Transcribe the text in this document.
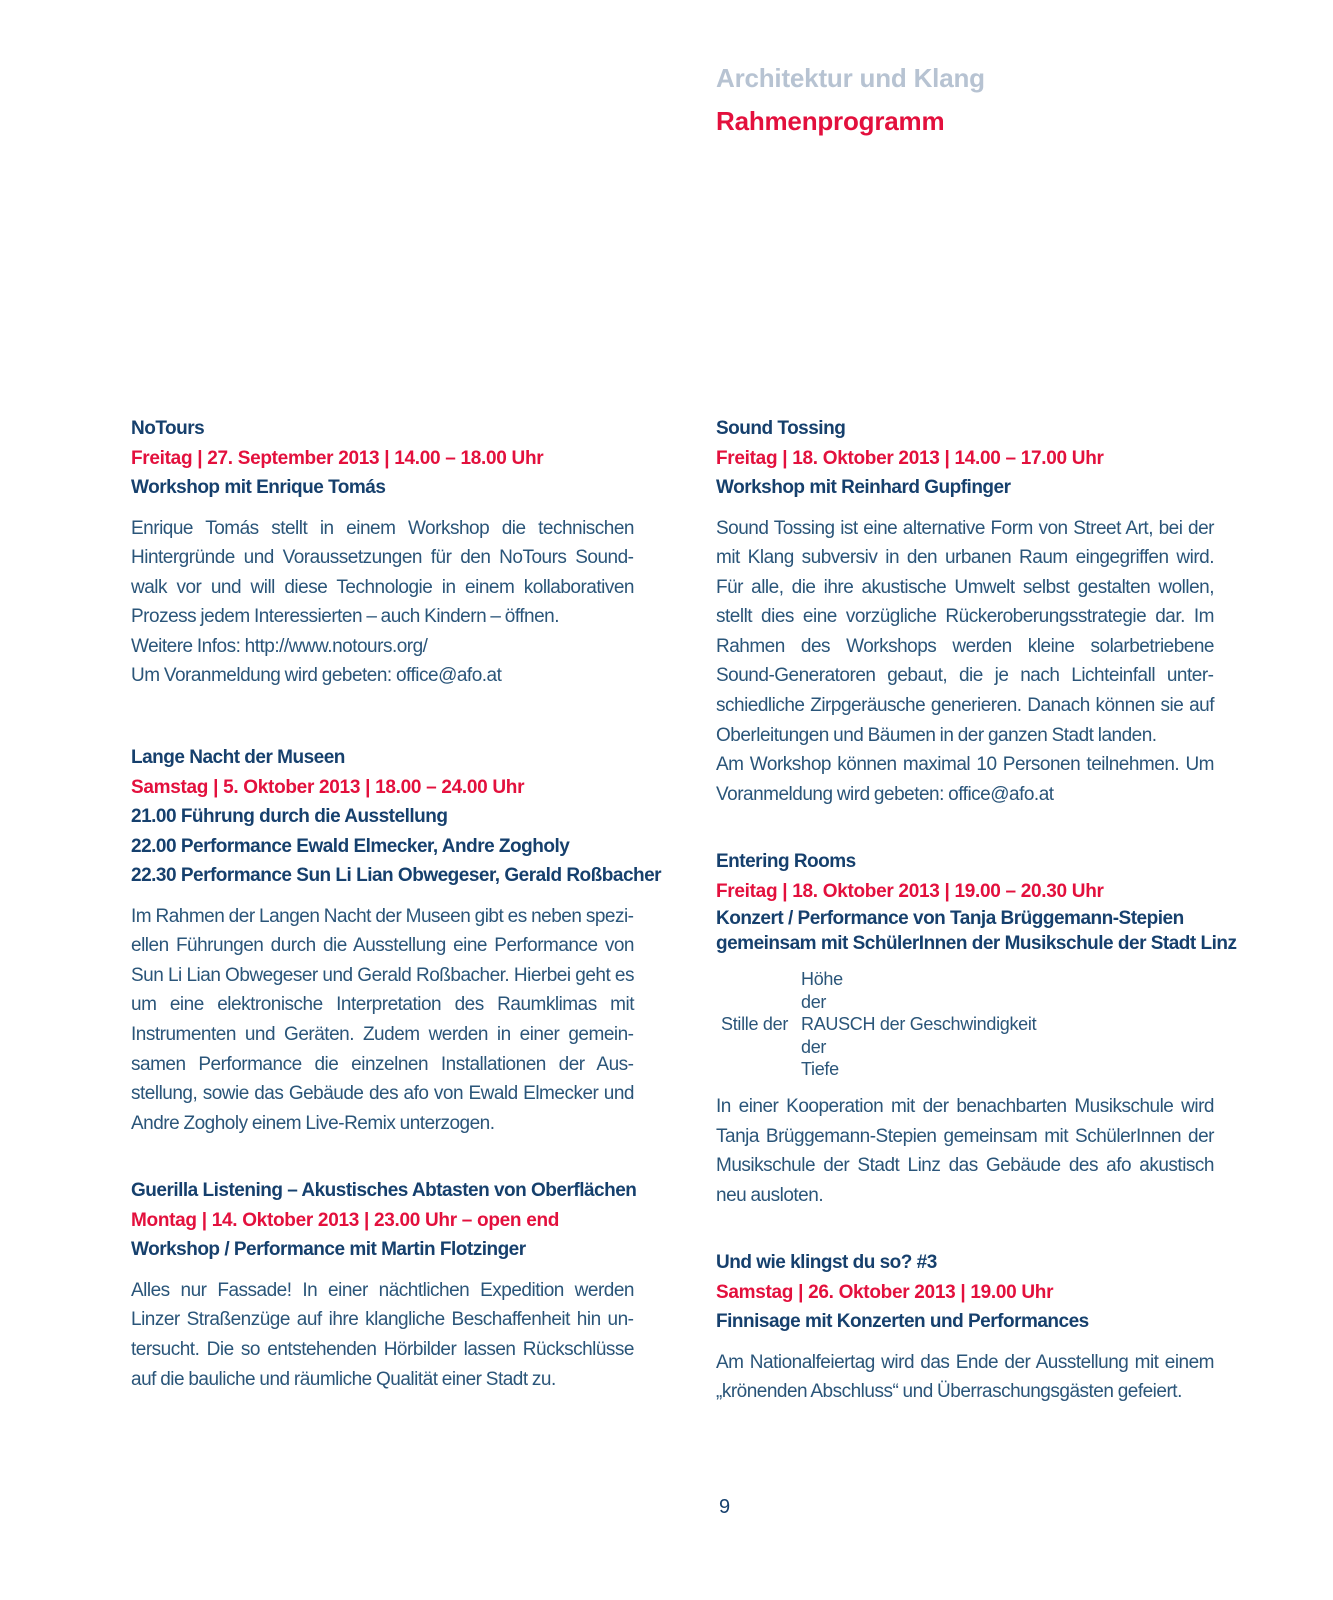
Architektur und Klang
Rahmenprogramm
NoTours
Freitag | 27. September 2013 | 14.00 – 18.00 Uhr
Workshop mit Enrique Tomás

Enrique Tomás stellt in einem Workshop die technischen Hintergründe und Voraussetzungen für den NoTours Soundwalk vor und will diese Technologie in einem kollaborativen Prozess jedem Interessierten – auch Kindern – öffnen.

Weitere Infos: http://www.notours.org/

Um Voranmeldung wird gebeten: office@afo.at

Lange Nacht der Museen
Samstag | 5. Oktober 2013 | 18.00 – 24.00 Uhr
21.00 Führung durch die Ausstellung
22.00 Performance Ewald Elmecker, Andre Zogholy
22.30 Performance Sun Li Lian Obwegeser, Gerald Roßbacher

Im Rahmen der Langen Nacht der Museen gibt es neben speziellen Führungen durch die Ausstellung eine Performance von Sun Li Lian Obwegeser und Gerald Roßbacher. Hierbei geht es um eine elektronische Interpretation des Raumklimas mit Instrumenten und Geräten. Zudem werden in einer gemeinsamen Performance die einzelnen Installationen der Ausstellung, sowie das Gebäude des afo von Ewald Elmecker und Andre Zogholy einem Live-Remix unterzogen.

Guerilla Listening – Akustisches Abtasten von Oberflächen
Montag | 14. Oktober 2013 | 23.00 Uhr – open end
Workshop / Performance mit Martin Flotzinger

Alles nur Fassade! In einer nächtlichen Expedition werden Linzer Straßenzüge auf ihre klangliche Beschaffenheit hin untersucht. Die so entstehenden Hörbilder lassen Rückschlüsse auf die bauliche und räumliche Qualität einer Stadt zu.

Sound Tossing
Freitag | 18. Oktober 2013 | 14.00 – 17.00 Uhr
Workshop mit Reinhard Gupfinger

Sound Tossing ist eine alternative Form von Street Art, bei der mit Klang subversiv in den urbanen Raum eingegriffen wird. Für alle, die ihre akustische Umwelt selbst gestalten wollen, stellt dies eine vorzügliche Rückeroberungsstrategie dar. Im Rahmen des Workshops werden kleine solarbetriebene Sound-Generatoren gebaut, die je nach Lichteinfall unterschiedliche Zirpgeräusche generieren. Danach können sie auf Oberleitungen und Bäumen in der ganzen Stadt landen.

Am Workshop können maximal 10 Personen teilnehmen. Um Voranmeldung wird gebeten: office@afo.at

Entering Rooms
Freitag | 18. Oktober 2013 | 19.00 – 20.30 Uhr
Konzert / Performance von Tanja Brüggemann-Stepien
gemeinsam mit SchülerInnen der Musikschule der Stadt Linz
Höhe
der
Stille der RAUSCH der Geschwindigkeit
der
Tiefe

In einer Kooperation mit der benachbarten Musikschule wird Tanja Brüggemann-Stepien gemeinsam mit SchülerInnen der Musikschule der Stadt Linz das Gebäude des afo akustisch neu ausloten.

Und wie klingst du so? #3
Samstag | 26. Oktober 2013 | 19.00 Uhr
Finnisage mit Konzerten und Performances

Am Nationalfeiertag wird das Ende der Ausstellung mit einem „krönenden Abschluss“ und Überraschungsgästen gefeiert.

9
